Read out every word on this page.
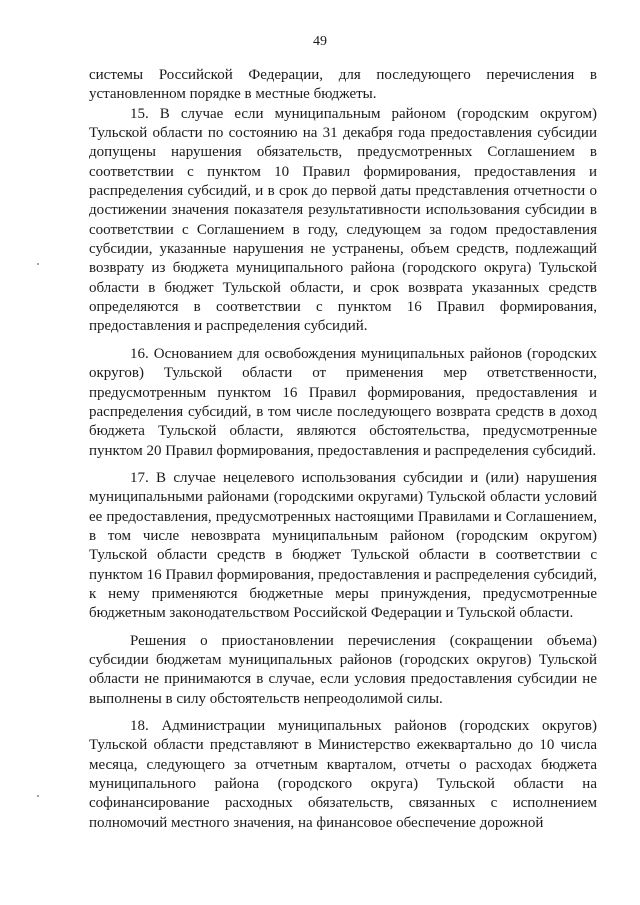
49

системы Российской Федерации, для последующего перечисления в установленном порядке в местные бюджеты.

15. В случае если муниципальным районом (городским округом) Тульской области по состоянию на 31 декабря года предоставления субсидии допущены нарушения обязательств, предусмотренных Соглашением в соответствии с пунктом 10 Правил формирования, предоставления и распределения субсидий, и в срок до первой даты представления отчетности о достижении значения показателя результативности использования субсидии в соответствии с Соглашением в году, следующем за годом предоставления субсидии, указанные нарушения не устранены, объем средств, подлежащий возврату из бюджета муниципального района (городского округа) Тульской области в бюджет Тульской области, и срок возврата указанных средств определяются в соответствии с пунктом 16 Правил формирования, предоставления и распределения субсидий.

16. Основанием для освобождения муниципальных районов (городских округов) Тульской области от применения мер ответственности, предусмотренным пунктом 16 Правил формирования, предоставления и распределения субсидий, в том числе последующего возврата средств в доход бюджета Тульской области, являются обстоятельства, предусмотренные пунктом 20 Правил формирования, предоставления и распределения субсидий.

17. В случае нецелевого использования субсидии и (или) нарушения муниципальными районами (городскими округами) Тульской области условий ее предоставления, предусмотренных настоящими Правилами и Соглашением, в том числе невозврата муниципальным районом (городским округом) Тульской области средств в бюджет Тульской области в соответствии с пунктом 16 Правил формирования, предоставления и распределения субсидий, к нему применяются бюджетные меры принуждения, предусмотренные бюджетным законодательством Российской Федерации и Тульской области.

Решения о приостановлении перечисления (сокращении объема) субсидии бюджетам муниципальных районов (городских округов) Тульской области не принимаются в случае, если условия предоставления субсидии не выполнены в силу обстоятельств непреодолимой силы.

18. Администрации муниципальных районов (городских округов) Тульской области представляют в Министерство ежеквартально до 10 числа месяца, следующего за отчетным кварталом, отчеты о расходах бюджета муниципального района (городского округа) Тульской области на софинансирование расходных обязательств, связанных с исполнением полномочий местного значения, на финансовое обеспечение дорожной
